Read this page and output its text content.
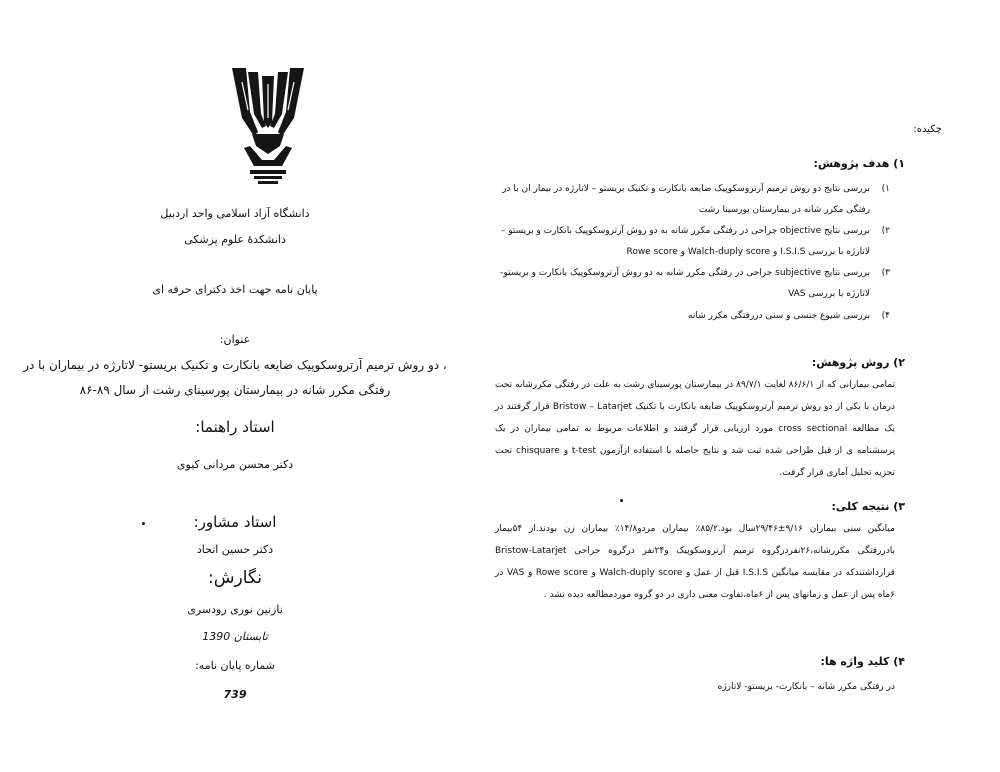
دانشگاه آزاد اسلامی واحد اردبیل
دانشکدهٔ علوم پزشکی
پایان نامه جهت اخذ دکترای حرفه ای
عنوان:
، دو روش ترمیم آرتروسکوپیک ضایعه بانکارت و تکنیک بریستو- لاتارژه در بیماران با در
رفتگی مکرر شانه در بیمارستان پورسینای رشت از سال ۸۹-۸۶
استاد راهنما:
دکتر محسن مردانی کیوی
استاد مشاور:
دکتر حسین اتحاد
نگارش:
نازنین نوری رودسری
تابستان 1390
شماره پایان نامه:
739
چکیده:
۱) هدف پژوهش:
۱)
بررسی نتایج دو روش ترمیم آرتروسکوپیک ضایعه بانکارت و تکنیک بریستو – لاتارژه در بیمار ان با در رفتگی مکرر شانه در بیمارستان پورسینا رشت
۲)
بررسی نتایج objective جراحی در رفتگی مکرر شانه به دو روش آرتروسکوپیک بانکارت و بریستو – لاتارژه با بررسی I.S.I.S و Walch-duply score و Rowe score
۳)
بررسی نتایج subjective جراحی در رفتگی مکرر شانه به دو روش آرتروسکوپیک بانکارت و بریستو- لاتارژه با بررسی VAS
۴)
بررسی شیوع جنسی و سنی دررفتگی مکرر شانه
۲) روش پژوهش:
تمامی بیمارانی که از ۸۶/۶/۱ لغایت ۸۹/۷/۱ در بیمارستان پورسینای رشت به علت در رفتگی مکررشانه تحت درمان با یکی از دو روش ترمیم آرتروسکوپیک ضایعه بانکارت یا تکنیک Bristow – Latarjet قرار گرفتند در یک مطالعه cross sectional مورد ارزیابی قرار گرفتند و اطلاعات مربوط به تمامی بیماران در یک پرسشنامه ی از قبل طراحی شده ثبت شد و نتایج حاصله با استفاده ازآزمون t-test و chisquare تحت تجزیه تحلیل آماری قرار گرفت.
۳) نتیجه کلی:
میانگین سنی بیماران ۹/۱۶±۲۹/۴۶سال بود.۸۵/۲٪ بیماران مردو۱۴/۸٪ بیماران زن بودند.از ۵۴بیمار بادررفتگی مکررشانه،۲۶نفردرگروه ترمیم آرتروسکوپیک و۲۴نفر درگروه جراحی Bristow-Latarjet قرارداشتندکه در مقایسه میانگین I.S.I.S قبل از عمل و Walch-duply score و Rowe score و VAS در ۶ماه پس از عمل و زمانهای پس از ۶ماه،تفاوت معنی داری در دو گروه موردمطالعه دیده نشد .
۴) کلید واژه ها:
در رفتگی مکرر شانه – بانکارت- بریستو- لاتارژه
